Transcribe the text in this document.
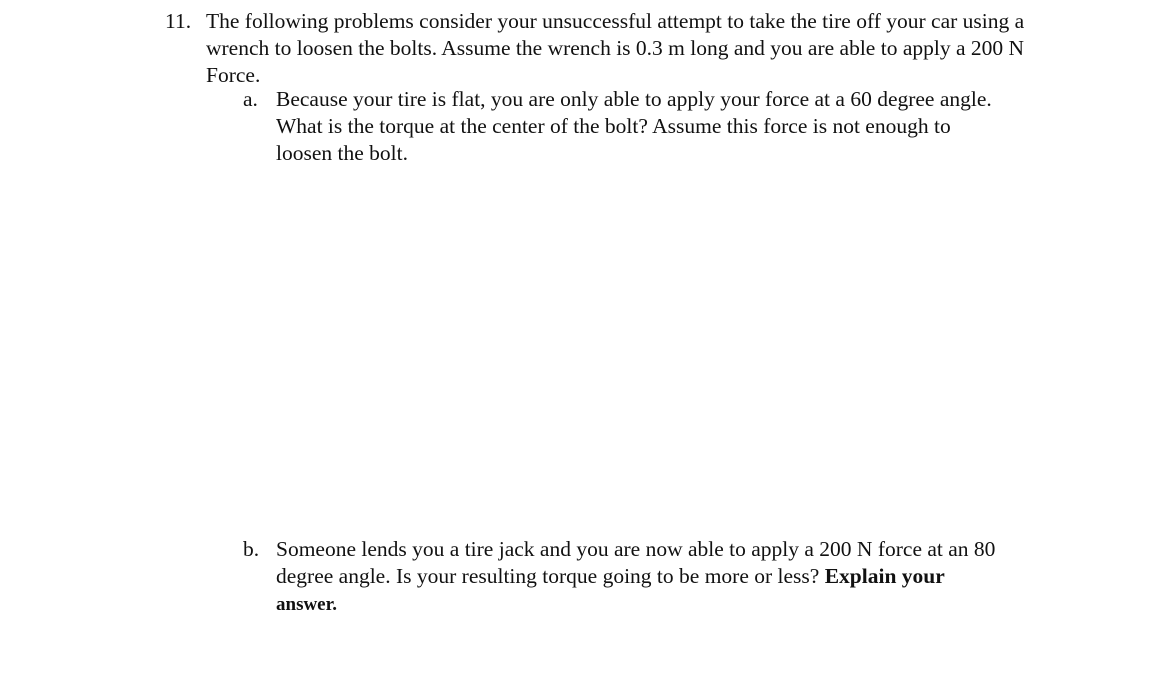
11. The following problems consider your unsuccessful attempt to take the tire off your car using a wrench to loosen the bolts. Assume the wrench is 0.3 m long and you are able to apply a 200 N Force.
a. Because your tire is flat, you are only able to apply your force at a 60 degree angle. What is the torque at the center of the bolt? Assume this force is not enough to loosen the bolt.
b. Someone lends you a tire jack and you are now able to apply a 200 N force at an 80 degree angle. Is your resulting torque going to be more or less? Explain your
answer.
